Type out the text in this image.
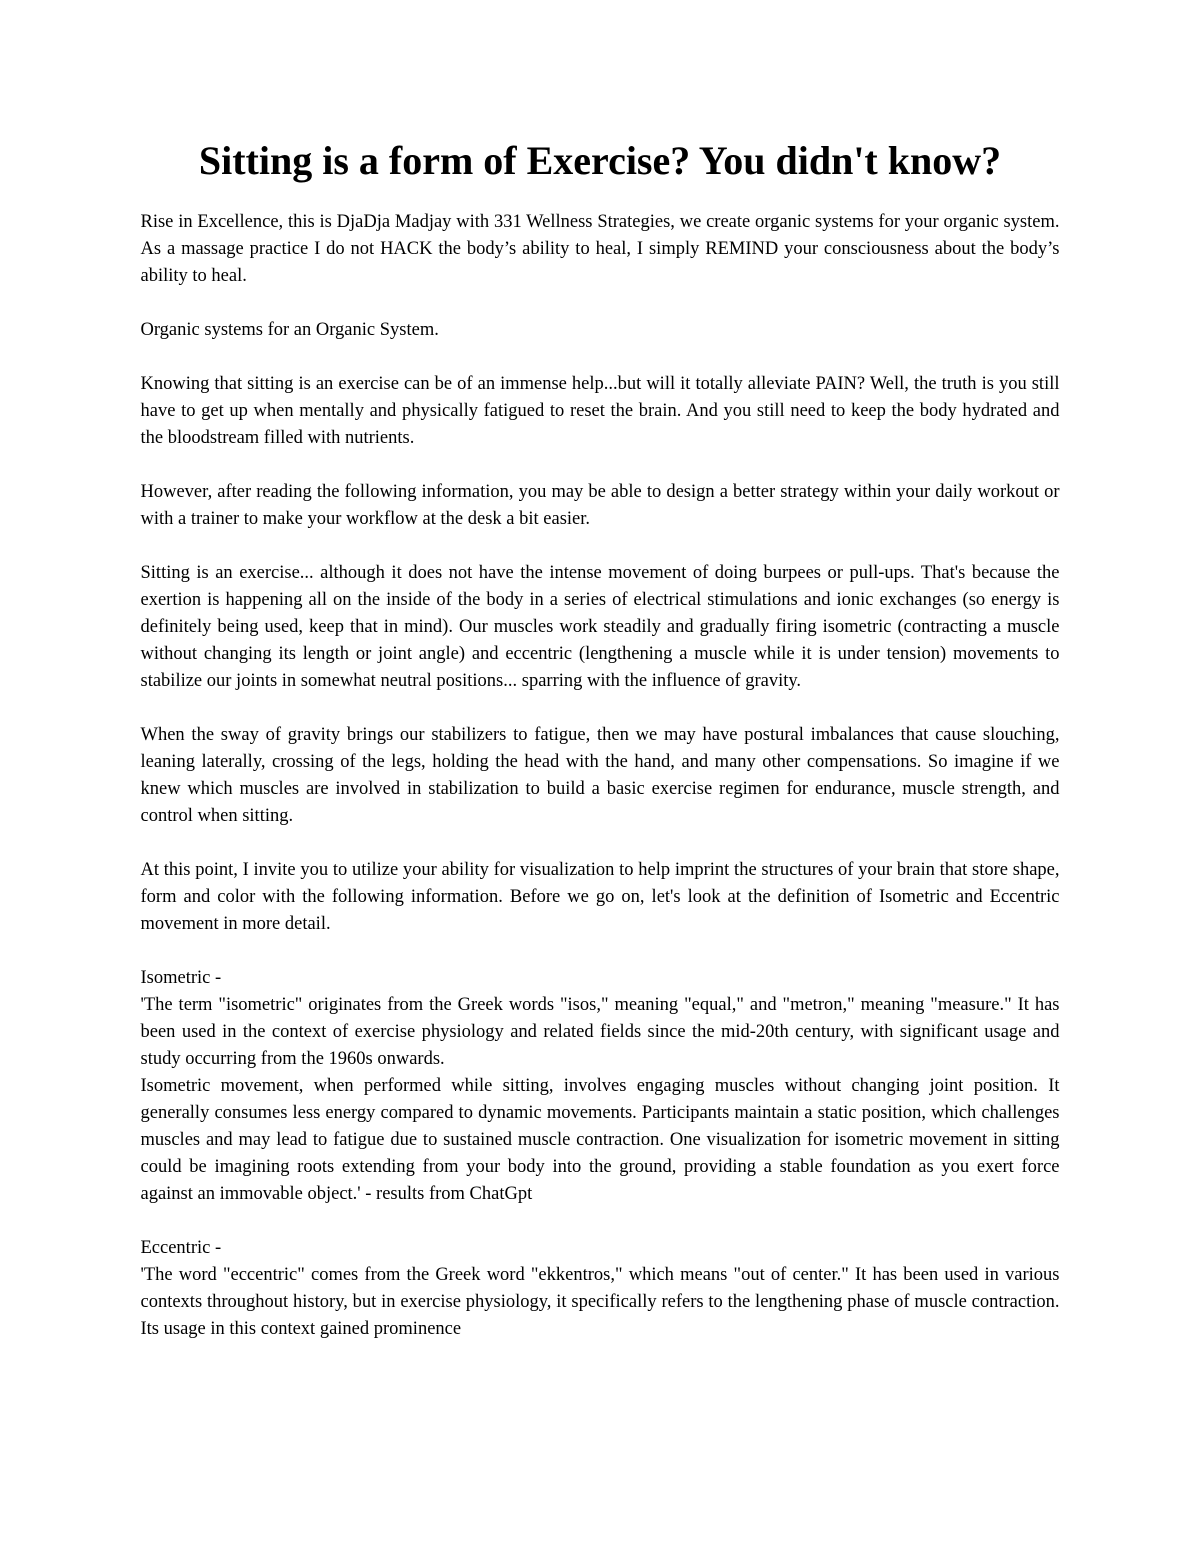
Sitting is a form of Exercise? You didn't know?

Rise in Excellence, this is DjaDja Madjay with 331 Wellness Strategies, we create organic systems for your organic system. As a massage practice I do not HACK the body’s ability to heal, I simply REMIND your consciousness about the body’s ability to heal.

Organic systems for an Organic System.

Knowing that sitting is an exercise can be of an immense help...but will it totally alleviate PAIN? Well, the truth is you still have to get up when mentally and physically fatigued to reset the brain. And you still need to keep the body hydrated and the bloodstream filled with nutrients.

However, after reading the following information, you may be able to design a better strategy within your daily workout or with a trainer to make your workflow at the desk a bit easier.

Sitting is an exercise... although it does not have the intense movement of doing burpees or pull-ups. That's because the exertion is happening all on the inside of the body in a series of electrical stimulations and ionic exchanges (so energy is definitely being used, keep that in mind). Our muscles work steadily and gradually firing isometric (contracting a muscle without changing its length or joint angle) and eccentric (lengthening a muscle while it is under tension) movements to stabilize our joints in somewhat neutral positions... sparring with the influence of gravity.

When the sway of gravity brings our stabilizers to fatigue, then we may have postural imbalances that cause slouching, leaning laterally, crossing of the legs, holding the head with the hand, and many other compensations. So imagine if we knew which muscles are involved in stabilization to build a basic exercise regimen for endurance, muscle strength, and control when sitting.

At this point, I invite you to utilize your ability for visualization to help imprint the structures of your brain that store shape, form and color with the following information. Before we go on, let's look at the definition of Isometric and Eccentric movement in more detail.

Isometric -
'The term "isometric" originates from the Greek words "isos," meaning "equal," and "metron," meaning "measure." It has been used in the context of exercise physiology and related fields since the mid-20th century, with significant usage and study occurring from the 1960s onwards.
Isometric movement, when performed while sitting, involves engaging muscles without changing joint position. It generally consumes less energy compared to dynamic movements. Participants maintain a static position, which challenges muscles and may lead to fatigue due to sustained muscle contraction. One visualization for isometric movement in sitting could be imagining roots extending from your body into the ground, providing a stable foundation as you exert force against an immovable object.' - results from ChatGpt
Eccentric -
'The word "eccentric" comes from the Greek word "ekkentros," which means "out of center." It has been used in various contexts throughout history, but in exercise physiology, it specifically refers to the lengthening phase of muscle contraction. Its usage in this context gained prominence
